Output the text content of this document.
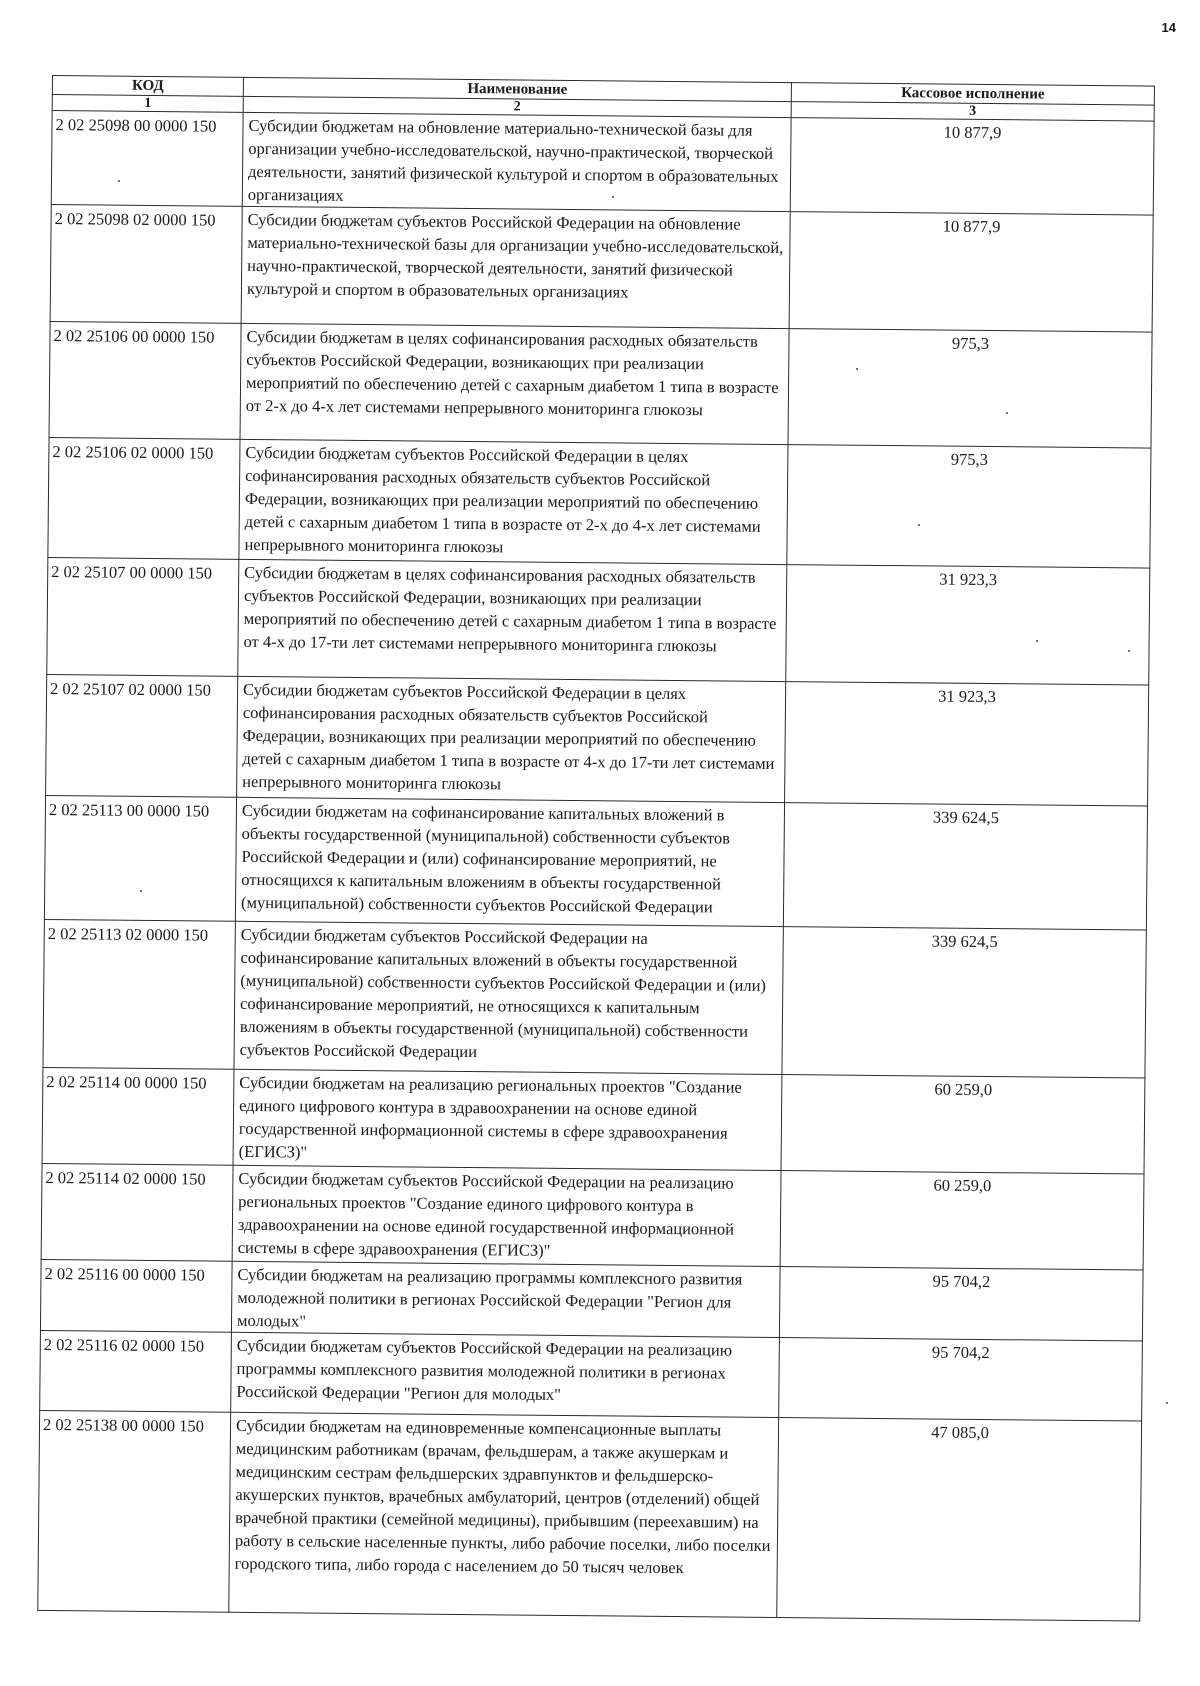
14
КОД	Наименование	Кассовое исполнение
1	2	3
2 02 25098 00 0000 150	Субсидии бюджетам на обновление материально-технической базы для организации учебно-исследовательской, научно-практической, творческой деятельности, занятий физической культурой и спортом в образовательных организациях	10 877,9
2 02 25098 02 0000 150	Субсидии бюджетам субъектов Российской Федерации на обновление материально-технической базы для организации учебно-исследовательской, научно-практической, творческой деятельности, занятий физической культурой и спортом в образовательных организациях	10 877,9
2 02 25106 00 0000 150	Субсидии бюджетам в целях софинансирования расходных обязательств субъектов Российской Федерации, возникающих при реализации мероприятий по обеспечению детей с сахарным диабетом 1 типа в возрасте от 2-х до 4-х лет системами непрерывного мониторинга глюкозы	975,3
2 02 25106 02 0000 150	Субсидии бюджетам субъектов Российской Федерации в целях софинансирования расходных обязательств субъектов Российской Федерации, возникающих при реализации мероприятий по обеспечению детей с сахарным диабетом 1 типа в возрасте от 2-х до 4-х лет системами непрерывного мониторинга глюкозы	975,3
2 02 25107 00 0000 150	Субсидии бюджетам в целях софинансирования расходных обязательств субъектов Российской Федерации, возникающих при реализации мероприятий по обеспечению детей с сахарным диабетом 1 типа в возрасте от 4-х до 17-ти лет системами непрерывного мониторинга глюкозы	31 923,3
2 02 25107 02 0000 150	Субсидии бюджетам субъектов Российской Федерации в целях софинансирования расходных обязательств субъектов Российской Федерации, возникающих при реализации мероприятий по обеспечению детей с сахарным диабетом 1 типа в возрасте от 4-х до 17-ти лет системами непрерывного мониторинга глюкозы	31 923,3
2 02 25113 00 0000 150	Субсидии бюджетам на софинансирование капитальных вложений в объекты государственной (муниципальной) собственности субъектов Российской Федерации и (или) софинансирование мероприятий, не относящихся к капитальным вложениям в объекты государственной (муниципальной) собственности субъектов Российской Федерации	339 624,5
2 02 25113 02 0000 150	Субсидии бюджетам субъектов Российской Федерации на софинансирование капитальных вложений в объекты государственной (муниципальной) собственности субъектов Российской Федерации и (или) софинансирование мероприятий, не относящихся к капитальным вложениям в объекты государственной (муниципальной) собственности субъектов Российской Федерации	339 624,5
2 02 25114 00 0000 150	Субсидии бюджетам на реализацию региональных проектов "Создание единого цифрового контура в здравоохранении на основе единой государственной информационной системы в сфере здравоохранения (ЕГИСЗ)"	60 259,0
2 02 25114 02 0000 150	Субсидии бюджетам субъектов Российской Федерации на реализацию региональных проектов "Создание единого цифрового контура в здравоохранении на основе единой государственной информационной системы в сфере здравоохранения (ЕГИСЗ)"	60 259,0
2 02 25116 00 0000 150	Субсидии бюджетам на реализацию программы комплексного развития молодежной политики в регионах Российской Федерации "Регион для молодых"	95 704,2
2 02 25116 02 0000 150	Субсидии бюджетам субъектов Российской Федерации на реализацию программы комплексного развития молодежной политики в регионах Российской Федерации "Регион для молодых"	95 704,2
2 02 25138 00 0000 150	Субсидии бюджетам на единовременные компенсационные выплаты медицинским работникам (врачам, фельдшерам, а также акушеркам и медицинским сестрам фельдшерских здравпунктов и фельдшерско-акушерских пунктов, врачебных амбулаторий, центров (отделений) общей врачебной практики (семейной медицины), прибывшим (переехавшим) на работу в сельские населенные пункты, либо рабочие поселки, либо поселки городского типа, либо города с населением до 50 тысяч человек	47 085,0
